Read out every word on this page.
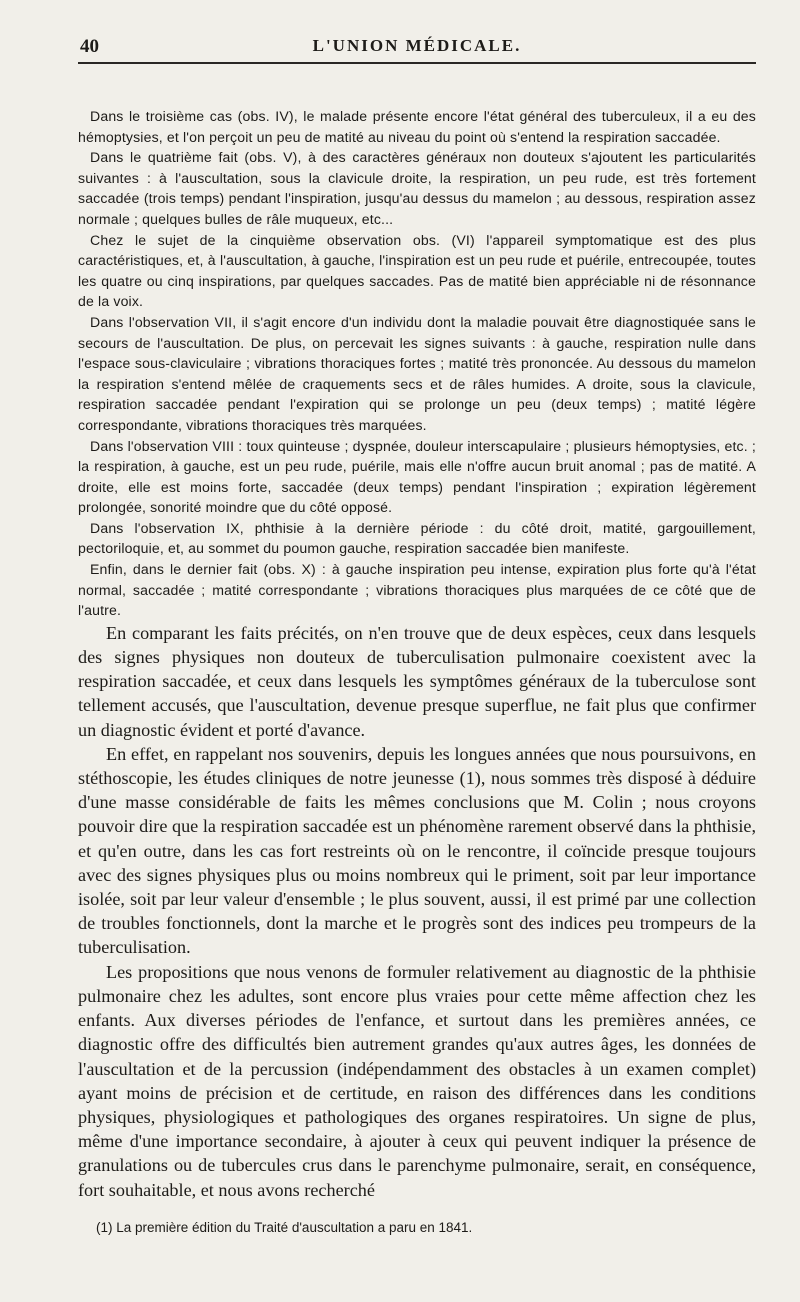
40	L'UNION MÉDICALE.

Dans le troisième cas (obs. IV), le malade présente encore l'état général des tuberculeux, il a eu des hémoptysies, et l'on perçoit un peu de matité au niveau du point où s'entend la respiration saccadée.

Dans le quatrième fait (obs. V), à des caractères généraux non douteux s'ajoutent les particularités suivantes : à l'auscultation, sous la clavicule droite, la respiration, un peu rude, est très fortement saccadée (trois temps) pendant l'inspiration, jusqu'au dessus du mamelon ; au dessous, respiration assez normale ; quelques bulles de râle muqueux, etc...

Chez le sujet de la cinquième observation obs. (VI) l'appareil symptomatique est des plus caractéristiques, et, à l'auscultation, à gauche, l'inspiration est un peu rude et puérile, entrecoupée, toutes les quatre ou cinq inspirations, par quelques saccades. Pas de matité bien appréciable ni de résonnance de la voix.

Dans l'observation VII, il s'agit encore d'un individu dont la maladie pouvait être diagnostiquée sans le secours de l'auscultation. De plus, on percevait les signes suivants : à gauche, respiration nulle dans l'espace sous-claviculaire ; vibrations thoraciques fortes ; matité très prononcée. Au dessous du mamelon la respiration s'entend mêlée de craquements secs et de râles humides. A droite, sous la clavicule, respiration saccadée pendant l'expiration qui se prolonge un peu (deux temps) ; matité légère correspondante, vibrations thoraciques très marquées.

Dans l'observation VIII : toux quinteuse ; dyspnée, douleur interscapulaire ; plusieurs hémoptysies, etc. ; la respiration, à gauche, est un peu rude, puérile, mais elle n'offre aucun bruit anomal ; pas de matité. A droite, elle est moins forte, saccadée (deux temps) pendant l'inspiration ; expiration légèrement prolongée, sonorité moindre que du côté opposé.

Dans l'observation IX, phthisie à la dernière période : du côté droit, matité, gargouillement, pectoriloquie, et, au sommet du poumon gauche, respiration saccadée bien manifeste.

Enfin, dans le dernier fait (obs. X) : à gauche inspiration peu intense, expiration plus forte qu'à l'état normal, saccadée ; matité correspondante ; vibrations thoraciques plus marquées de ce côté que de l'autre.

En comparant les faits précités, on n'en trouve que de deux espèces, ceux dans lesquels des signes physiques non douteux de tuberculisation pulmonaire coexistent avec la respiration saccadée, et ceux dans lesquels les symptômes généraux de la tuberculose sont tellement accusés, que l'auscultation, devenue presque superflue, ne fait plus que confirmer un diagnostic évident et porté d'avance.

En effet, en rappelant nos souvenirs, depuis les longues années que nous poursuivons, en stéthoscopie, les études cliniques de notre jeunesse (1), nous sommes très disposé à déduire d'une masse considérable de faits les mêmes conclusions que M. Colin ; nous croyons pouvoir dire que la respiration saccadée est un phénomène rarement observé dans la phthisie, et qu'en outre, dans les cas fort restreints où on le rencontre, il coïncide presque toujours avec des signes physiques plus ou moins nombreux qui le priment, soit par leur importance isolée, soit par leur valeur d'ensemble ; le plus souvent, aussi, il est primé par une collection de troubles fonctionnels, dont la marche et le progrès sont des indices peu trompeurs de la tuberculisation.

Les propositions que nous venons de formuler relativement au diagnostic de la phthisie pulmonaire chez les adultes, sont encore plus vraies pour cette même affection chez les enfants. Aux diverses périodes de l'enfance, et surtout dans les premières années, ce diagnostic offre des difficultés bien autrement grandes qu'aux autres âges, les données de l'auscultation et de la percussion (indépendamment des obstacles à un examen complet) ayant moins de précision et de certitude, en raison des différences dans les conditions physiques, physiologiques et pathologiques des organes respiratoires. Un signe de plus, même d'une importance secondaire, à ajouter à ceux qui peuvent indiquer la présence de granulations ou de tubercules crus dans le parenchyme pulmonaire, serait, en conséquence, fort souhaitable, et nous avons recherché

(1) La première édition du Traité d'auscultation a paru en 1841.
